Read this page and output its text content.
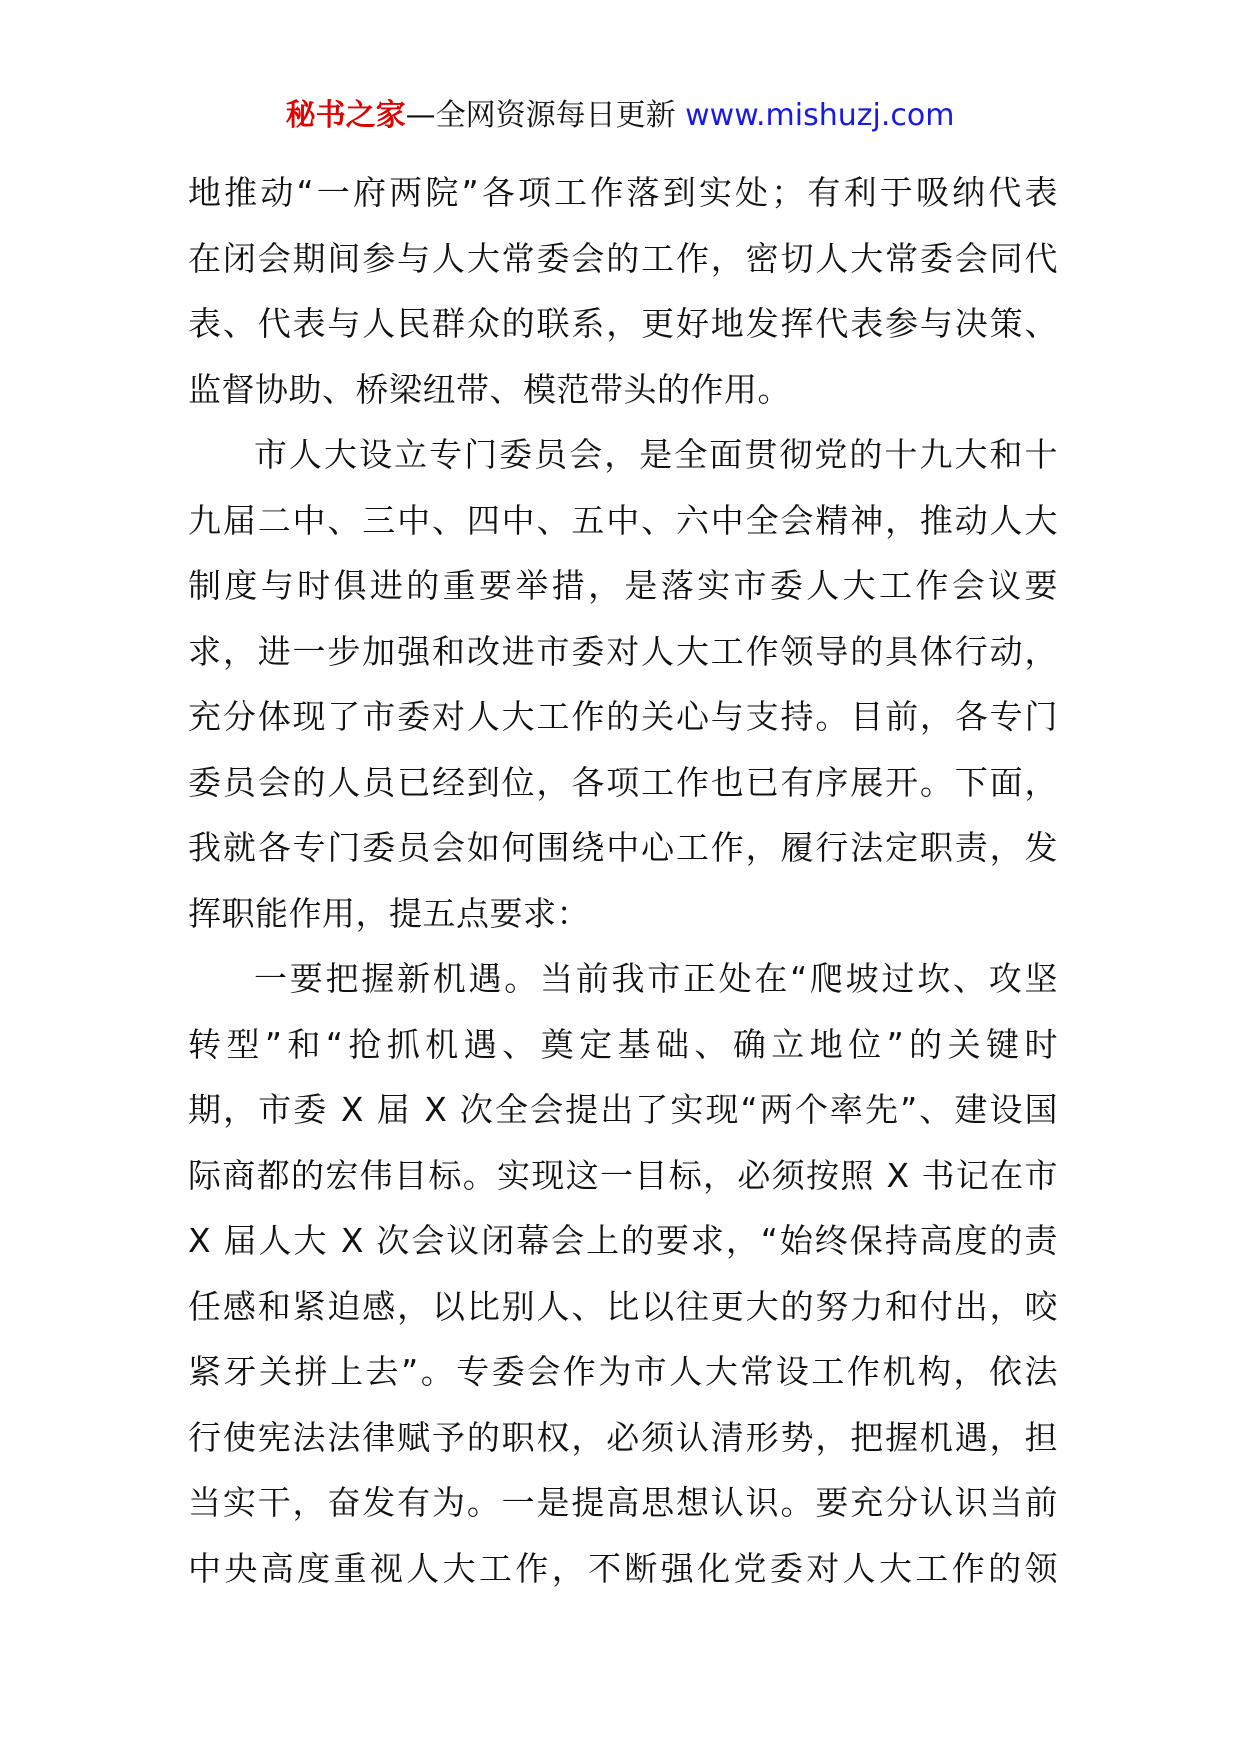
秘书之家—全网资源每日更新 www.mishuzj.com
地推动“一府两院”各项工作落到实处；有利于吸纳代表
在闭会期间参与人大常委会的工作，密切人大常委会同代
表、代表与人民群众的联系，更好地发挥代表参与决策、
监督协助、桥梁纽带、模范带头的作用。
市人大设立专门委员会，是全面贯彻党的十九大和十
九届二中、三中、四中、五中、六中全会精神，推动人大
制度与时俱进的重要举措，是落实市委人大工作会议要
求，进一步加强和改进市委对人大工作领导的具体行动，
充分体现了市委对人大工作的关心与支持。目前，各专门
委员会的人员已经到位，各项工作也已有序展开。下面，
我就各专门委员会如何围绕中心工作，履行法定职责，发
挥职能作用，提五点要求：
一要把握新机遇。当前我市正处在“爬坡过坎、攻坚
转型”和“抢抓机遇、奠定基础、确立地位”的关键时
期，市委 X 届 X 次全会提出了实现“两个率先”、建设国
际商都的宏伟目标。实现这一目标，必须按照 X 书记在市
X 届人大 X 次会议闭幕会上的要求，“始终保持高度的责
任感和紧迫感，以比别人、比以往更大的努力和付出，咬
紧牙关拼上去”。专委会作为市人大常设工作机构，依法
行使宪法法律赋予的职权，必须认清形势，把握机遇，担
当实干，奋发有为。一是提高思想认识。要充分认识当前
中央高度重视人大工作，不断强化党委对人大工作的领
